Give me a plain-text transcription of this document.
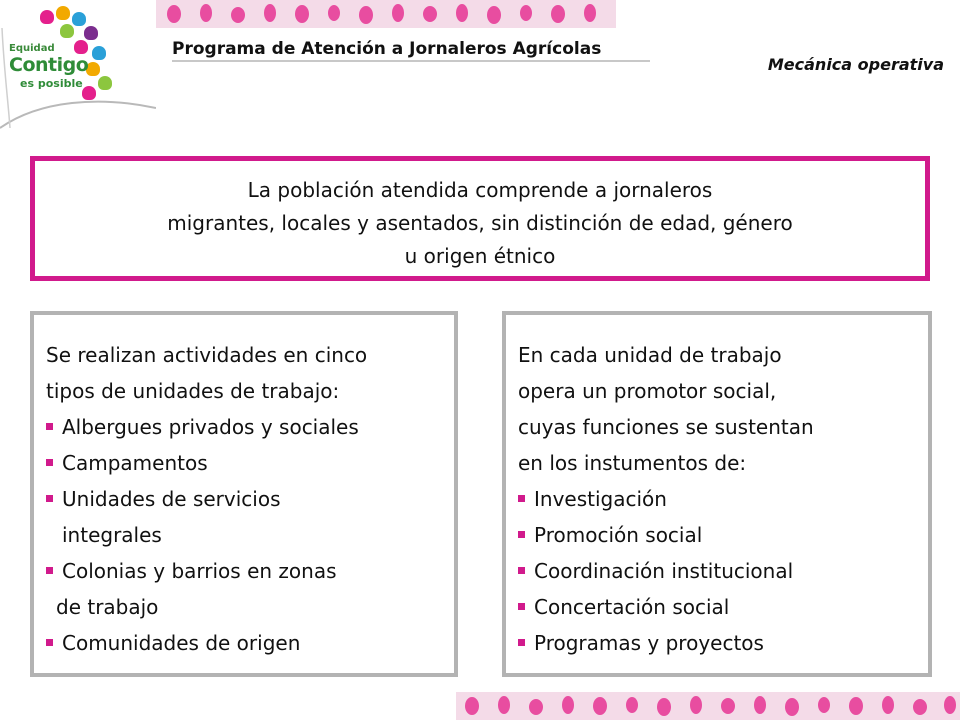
Equidad
Contigo
es posible
Programa de Atención a Jornaleros Agrícolas
Mecánica operativa
La población atendida comprende a jornaleros
migrantes, locales y asentados, sin distinción de edad, género
u origen étnico
Se realizan actividades en cinco
tipos de unidades de trabajo:
Albergues privados y sociales
Campamentos
Unidades de servicios
integrales
Colonias y barrios en zonas
de trabajo
Comunidades de origen
En cada unidad de trabajo
opera un promotor social,
cuyas funciones se sustentan
en los instumentos de:
Investigación
Promoción social
Coordinación institucional
Concertación social
Programas y proyectos
